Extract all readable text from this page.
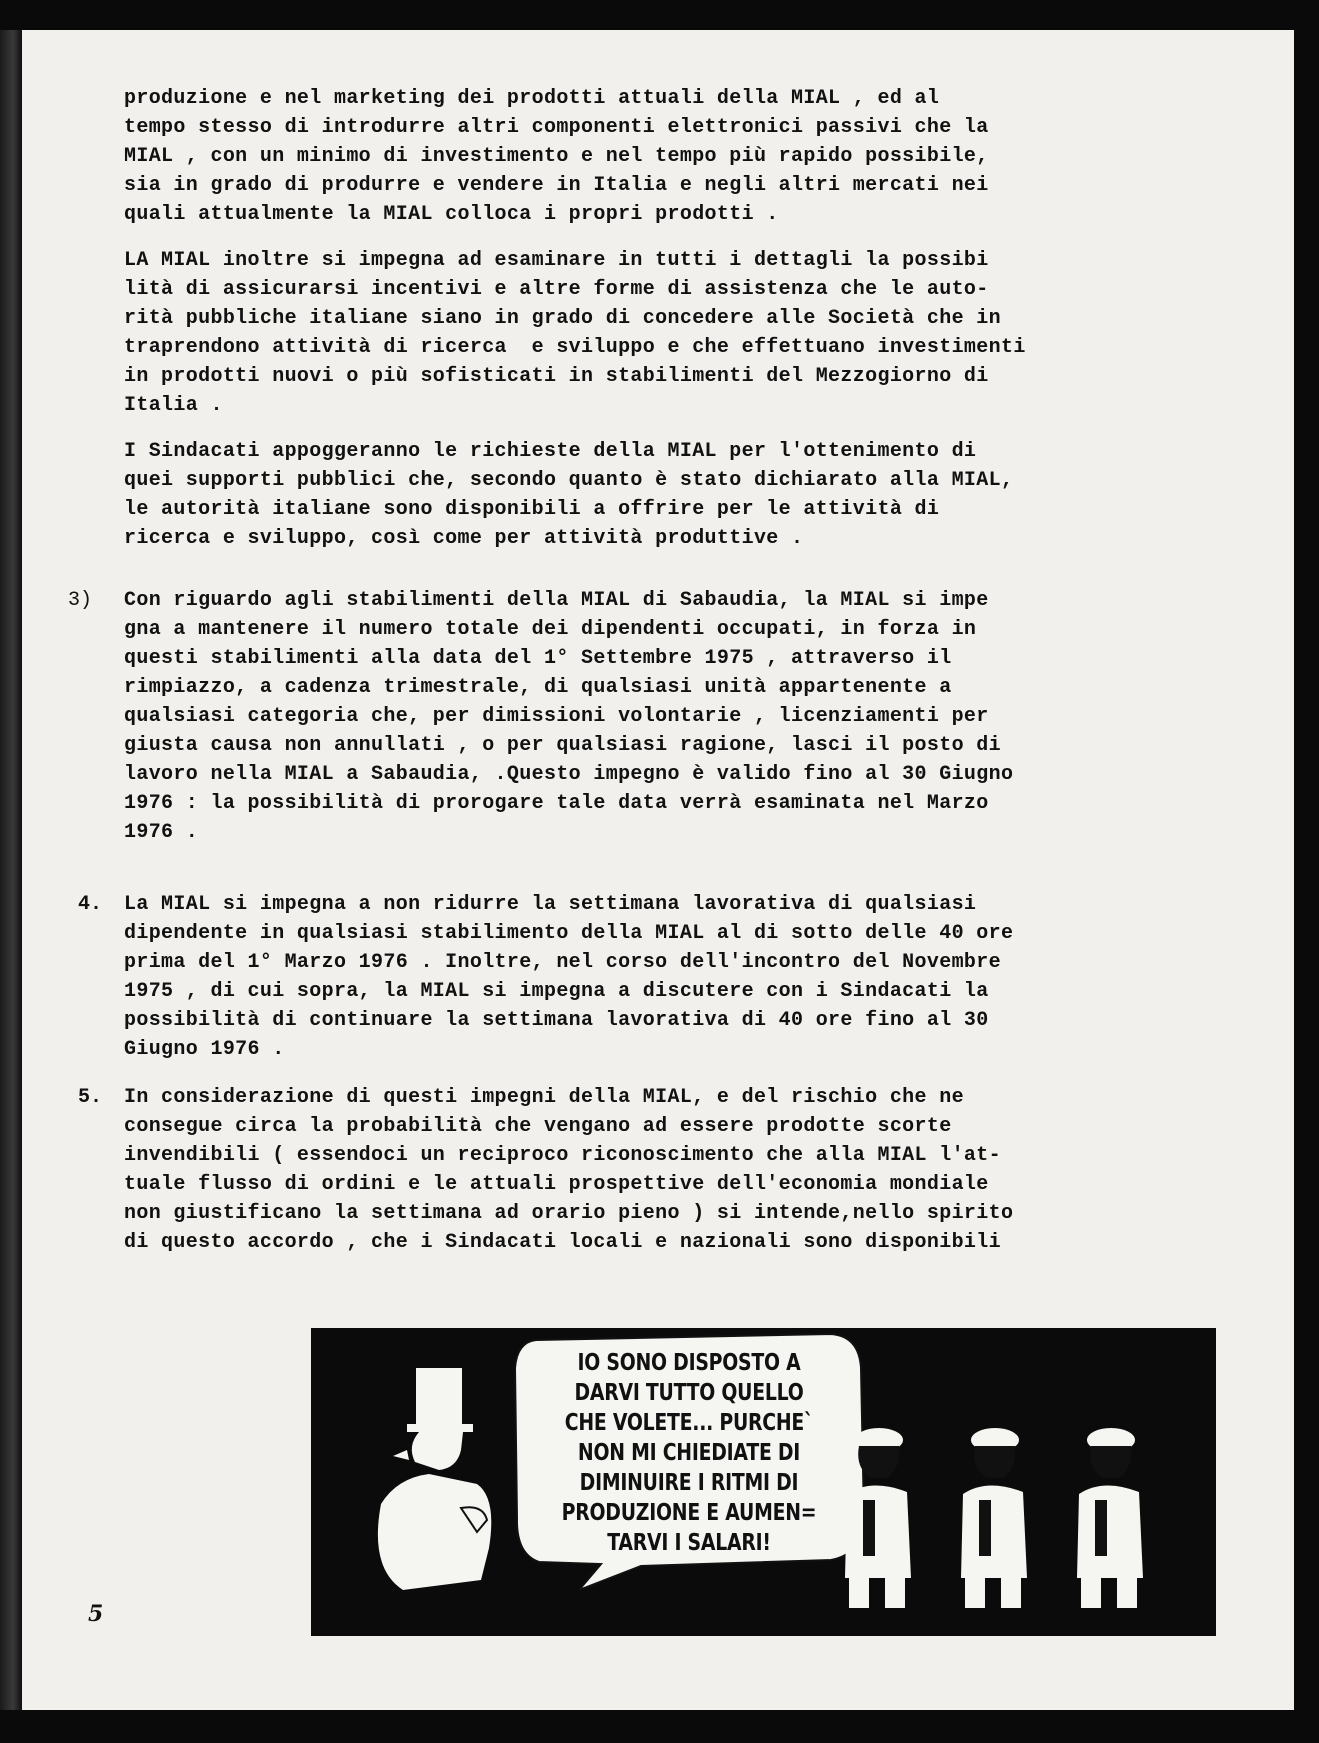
produzione e nel marketing dei prodotti attuali della MIAL , ed al
tempo stesso di introdurre altri componenti elettronici passivi che la
MIAL , con un minimo di investimento e nel tempo più rapido possibile,
sia in grado di produrre e vendere in Italia e negli altri mercati nei
quali attualmente la MIAL colloca i propri prodotti .
LA MIAL inoltre si impegna ad esaminare in tutti i dettagli la possibi
lità di assicurarsi incentivi e altre forme di assistenza che le auto-
rità pubbliche italiane siano in grado di concedere alle Società che in
traprendono attività di ricerca  e sviluppo e che effettuano investimenti
in prodotti nuovi o più sofisticati in stabilimenti del Mezzogiorno di
Italia .
I Sindacati appoggeranno le richieste della MIAL per l'ottenimento di
quei supporti pubblici che, secondo quanto è stato dichiarato alla MIAL,
le autorità italiane sono disponibili a offrire per le attività di
ricerca e sviluppo, così come per attività produttive .
3) Con riguardo agli stabilimenti della MIAL di Sabaudia, la MIAL si impe
gna a mantenere il numero totale dei dipendenti occupati, in forza in
questi stabilimenti alla data del 1° Settembre 1975 , attraverso il
rimpiazzo, a cadenza trimestrale, di qualsiasi unità appartenente a
qualsiasi categoria che, per dimissioni volontarie , licenziamenti per
giusta causa non annullati , o per qualsiasi ragione, lasci il posto di
lavoro nella MIAL a Sabaudia, .Questo impegno è valido fino al 30 Giugno
1976 : la possibilità di prorogare tale data verrà esaminata nel Marzo
1976 .
4. La MIAL si impegna a non ridurre la settimana lavorativa di qualsiasi
dipendente in qualsiasi stabilimento della MIAL al di sotto delle 40 ore
prima del 1° Marzo 1976 . Inoltre, nel corso dell'incontro del Novembre
1975 , di cui sopra, la MIAL si impegna a discutere con i Sindacati la
possibilità di continuare la settimana lavorativa di 40 ore fino al 30
Giugno 1976 .
5. In considerazione di questi impegni della MIAL, e del rischio che ne
consegue circa la probabilità che vengano ad essere prodotte scorte
invendibili ( essendoci un reciproco riconoscimento che alla MIAL l'at-
tuale flusso di ordini e le attuali prospettive dell'economia mondiale
non giustificano la settimana ad orario pieno ) si intende,nello spirito
di questo accordo , che i Sindacati locali e nazionali sono disponibili
IO SONO DISPOSTO A
DARVI TUTTO QUELLO
CHE VOLETE... PURCHE`
NON MI CHIEDIATE DI
DIMINUIRE I RITMI DI
PRODUZIONE E AUMEN=
TARVI I SALARI!
5
